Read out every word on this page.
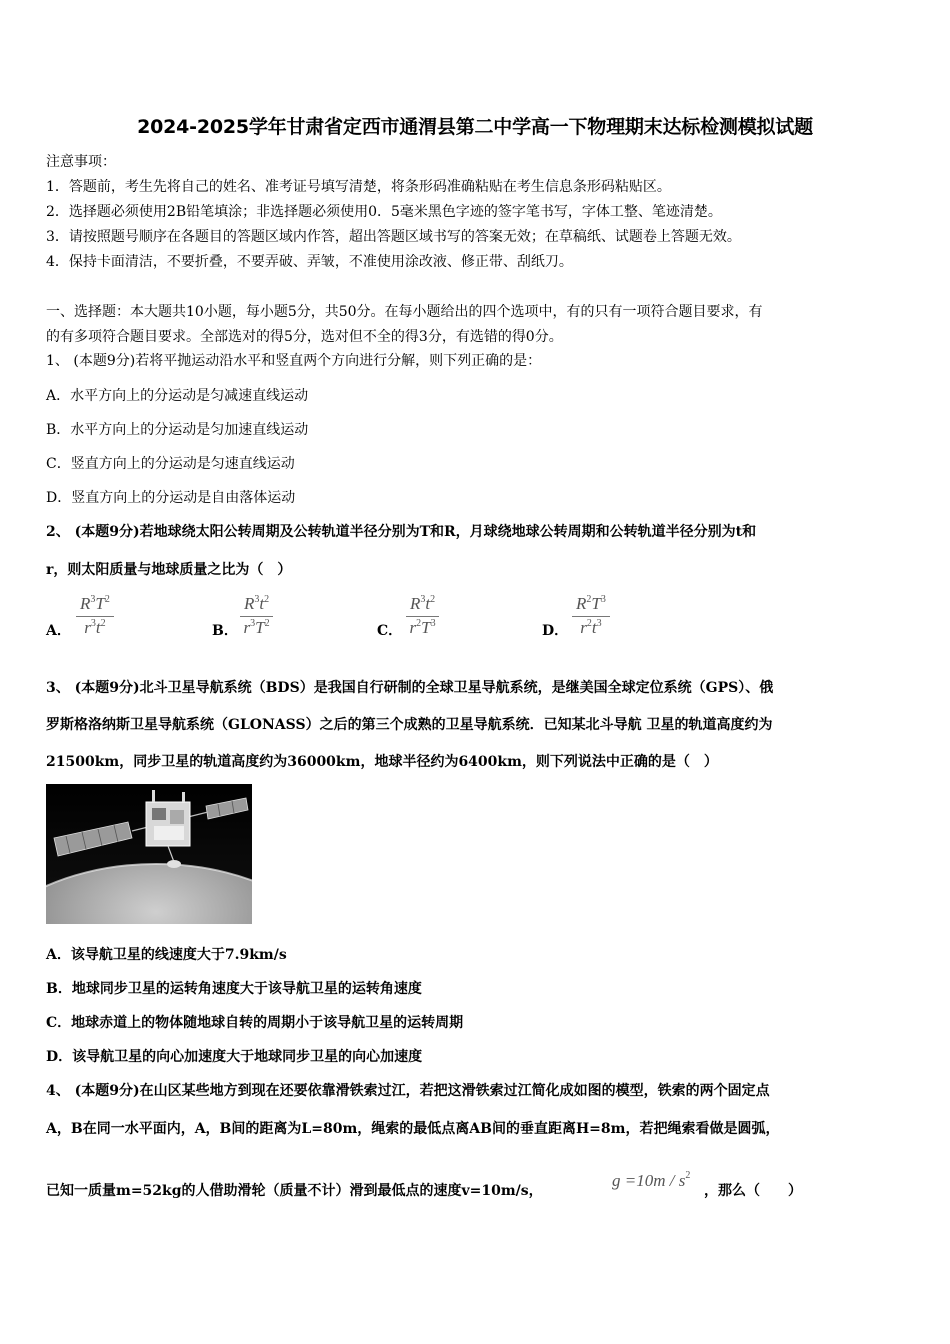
2024-2025学年甘肃省定西市通渭县第二中学高一下物理期末达标检测模拟试题
注意事项：
1．答题前，考生先将自己的姓名、准考证号填写清楚，将条形码准确粘贴在考生信息条形码粘贴区。
2．选择题必须使用2B铅笔填涂；非选择题必须使用0．5毫米黑色字迹的签字笔书写，字体工整、笔迹清楚。
3．请按照题号顺序在各题目的答题区域内作答，超出答题区域书写的答案无效；在草稿纸、试题卷上答题无效。
4．保持卡面清洁，不要折叠，不要弄破、弄皱，不准使用涂改液、修正带、刮纸刀。
一、选择题：本大题共10小题，每小题5分，共50分。在每小题给出的四个选项中，有的只有一项符合题目要求，有
的有多项符合题目要求。全部选对的得5分，选对但不全的得3分，有选错的得0分。
1、 (本题9分)若将平抛运动沿水平和竖直两个方向进行分解，则下列正确的是：
A．水平方向上的分运动是匀减速直线运动
B．水平方向上的分运动是匀加速直线运动
C．竖直方向上的分运动是匀速直线运动
D．竖直方向上的分运动是自由落体运动
2、 (本题9分)若地球绕太阳公转周期及公转轨道半径分别为T和R，月球绕地球公转周期和公转轨道半径分别为t和
r，则太阳质量与地球质量之比为（　）
A． $\frac{R^3T^2}{r^3t^2}$	B． $\frac{R^3t^2}{r^3T^2}$	C． $\frac{R^3t^2}{r^2T^3}$	D． $\frac{R^2T^3}{r^2t^3}$
3、 (本题9分)北斗卫星导航系统（BDS）是我国自行研制的全球卫星导航系统，是继美国全球定位系统（GPS）、俄
罗斯格洛纳斯卫星导航系统（GLONASS）之后的第三个成熟的卫星导航系统．已知某北斗导航 卫星的轨道高度约为
21500km，同步卫星的轨道高度约为36000km，地球半径约为6400km，则下列说法中正确的是（　）
A．该导航卫星的线速度大于7.9km/s
B．地球同步卫星的运转角速度大于该导航卫星的运转角速度
C．地球赤道上的物体随地球自转的周期小于该导航卫星的运转周期
D．该导航卫星的向心加速度大于地球同步卫星的向心加速度
4、 (本题9分)在山区某些地方到现在还要依靠滑铁索过江，若把这滑铁索过江简化成如图的模型，铁索的两个固定点
A，B在同一水平面内，A，B间的距离为L=80m，绳索的最低点离AB间的垂直距离H=8m，若把绳索看做是圆弧，
已知一质量m=52kg的人借助滑轮（质量不计）滑到最低点的速度v=10m/s，
$g =10m / s^2$
，那么（　　）
